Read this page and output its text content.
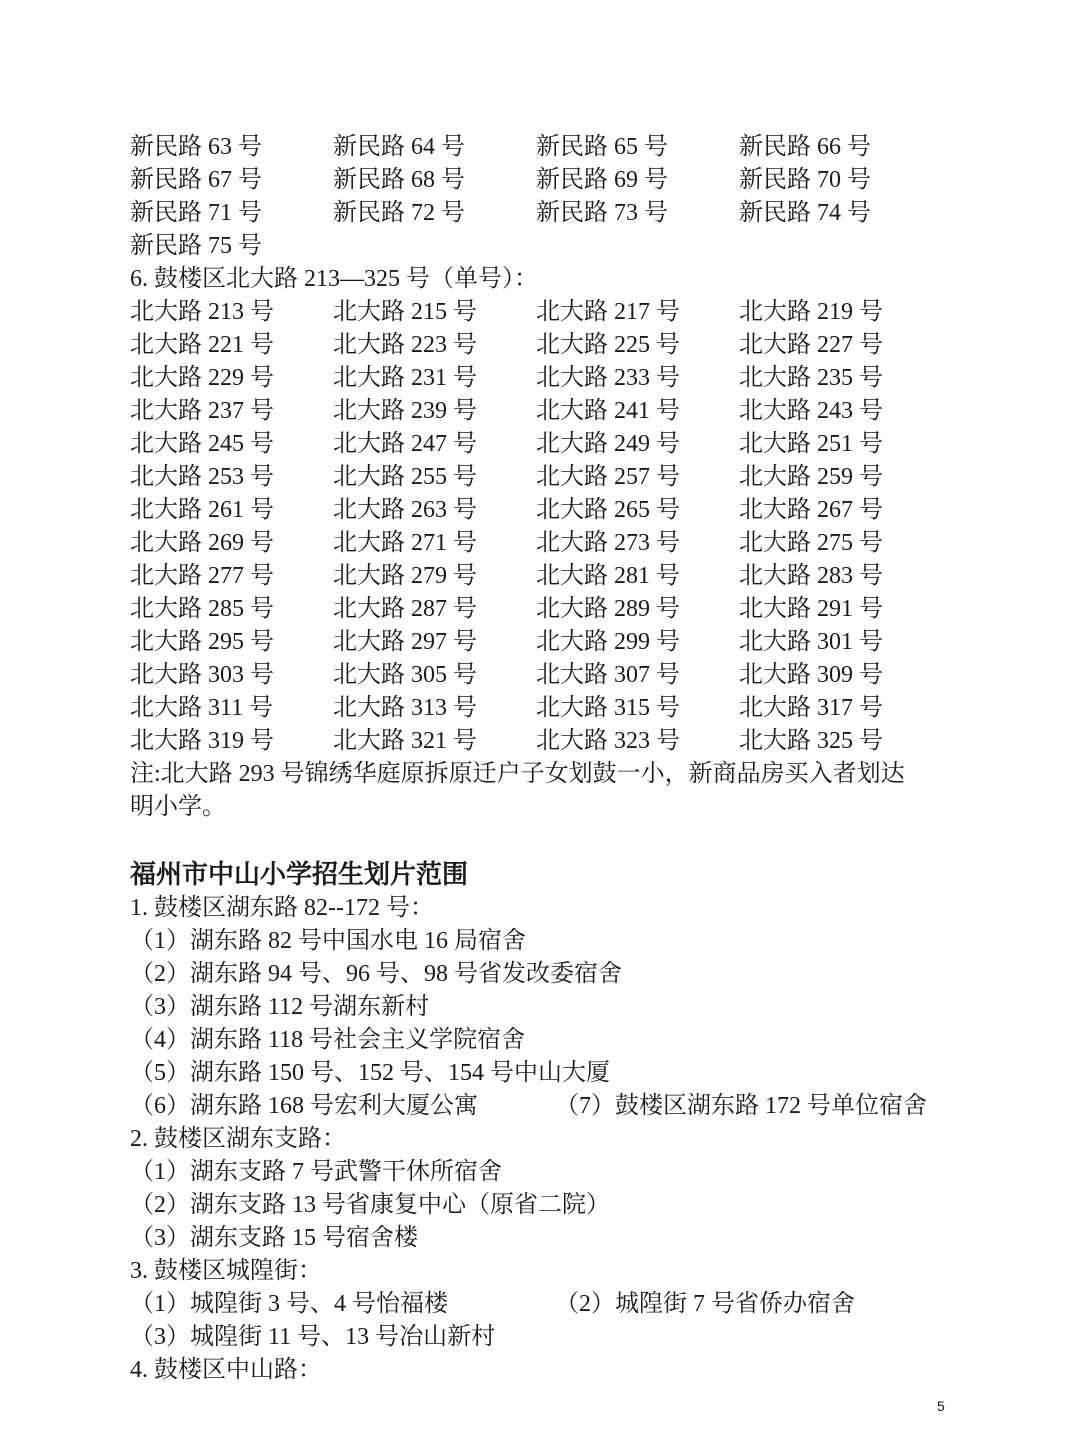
新民路 63 号	新民路 64 号	新民路 65 号	新民路 66 号
新民路 67 号	新民路 68 号	新民路 69 号	新民路 70 号
新民路 71 号	新民路 72 号	新民路 73 号	新民路 74 号
新民路 75 号
6. 鼓楼区北大路 213—325 号（单号）：
北大路 213 号 北大路 215 号 北大路 217 号 北大路 219 号
北大路 221 号 北大路 223 号 北大路 225 号 北大路 227 号
北大路 229 号 北大路 231 号 北大路 233 号 北大路 235 号
北大路 237 号 北大路 239 号 北大路 241 号 北大路 243 号
北大路 245 号 北大路 247 号 北大路 249 号 北大路 251 号
北大路 253 号 北大路 255 号 北大路 257 号 北大路 259 号
北大路 261 号 北大路 263 号 北大路 265 号 北大路 267 号
北大路 269 号 北大路 271 号 北大路 273 号 北大路 275 号
北大路 277 号 北大路 279 号 北大路 281 号 北大路 283 号
北大路 285 号 北大路 287 号 北大路 289 号 北大路 291 号
北大路 295 号 北大路 297 号 北大路 299 号 北大路 301 号
北大路 303 号 北大路 305 号 北大路 307 号 北大路 309 号
北大路 311 号 北大路 313 号 北大路 315 号 北大路 317 号
北大路 319 号 北大路 321 号 北大路 323 号 北大路 325 号
注:北大路 293 号锦绣华庭原拆原迁户子女划鼓一小，新商品房买入者划达
明小学。
福州市中山小学招生划片范围
1. 鼓楼区湖东路 82--172 号：
（1）湖东路 82 号中国水电 16 局宿舍
（2）湖东路 94 号、96 号、98 号省发改委宿舍
（3）湖东路 112 号湖东新村
（4）湖东路 118 号社会主义学院宿舍
（5）湖东路 150 号、152 号、154 号中山大厦
（6）湖东路 168 号宏利大厦公寓	（7）鼓楼区湖东路 172 号单位宿舍
2. 鼓楼区湖东支路：
（1）湖东支路 7 号武警干休所宿舍
（2）湖东支路 13 号省康复中心（原省二院）
（3）湖东支路 15 号宿舍楼
3. 鼓楼区城隍街：
（1）城隍街 3 号、4 号怡福楼	（2）城隍街 7 号省侨办宿舍
（3）城隍街 11 号、13 号冶山新村
4. 鼓楼区中山路：
5
